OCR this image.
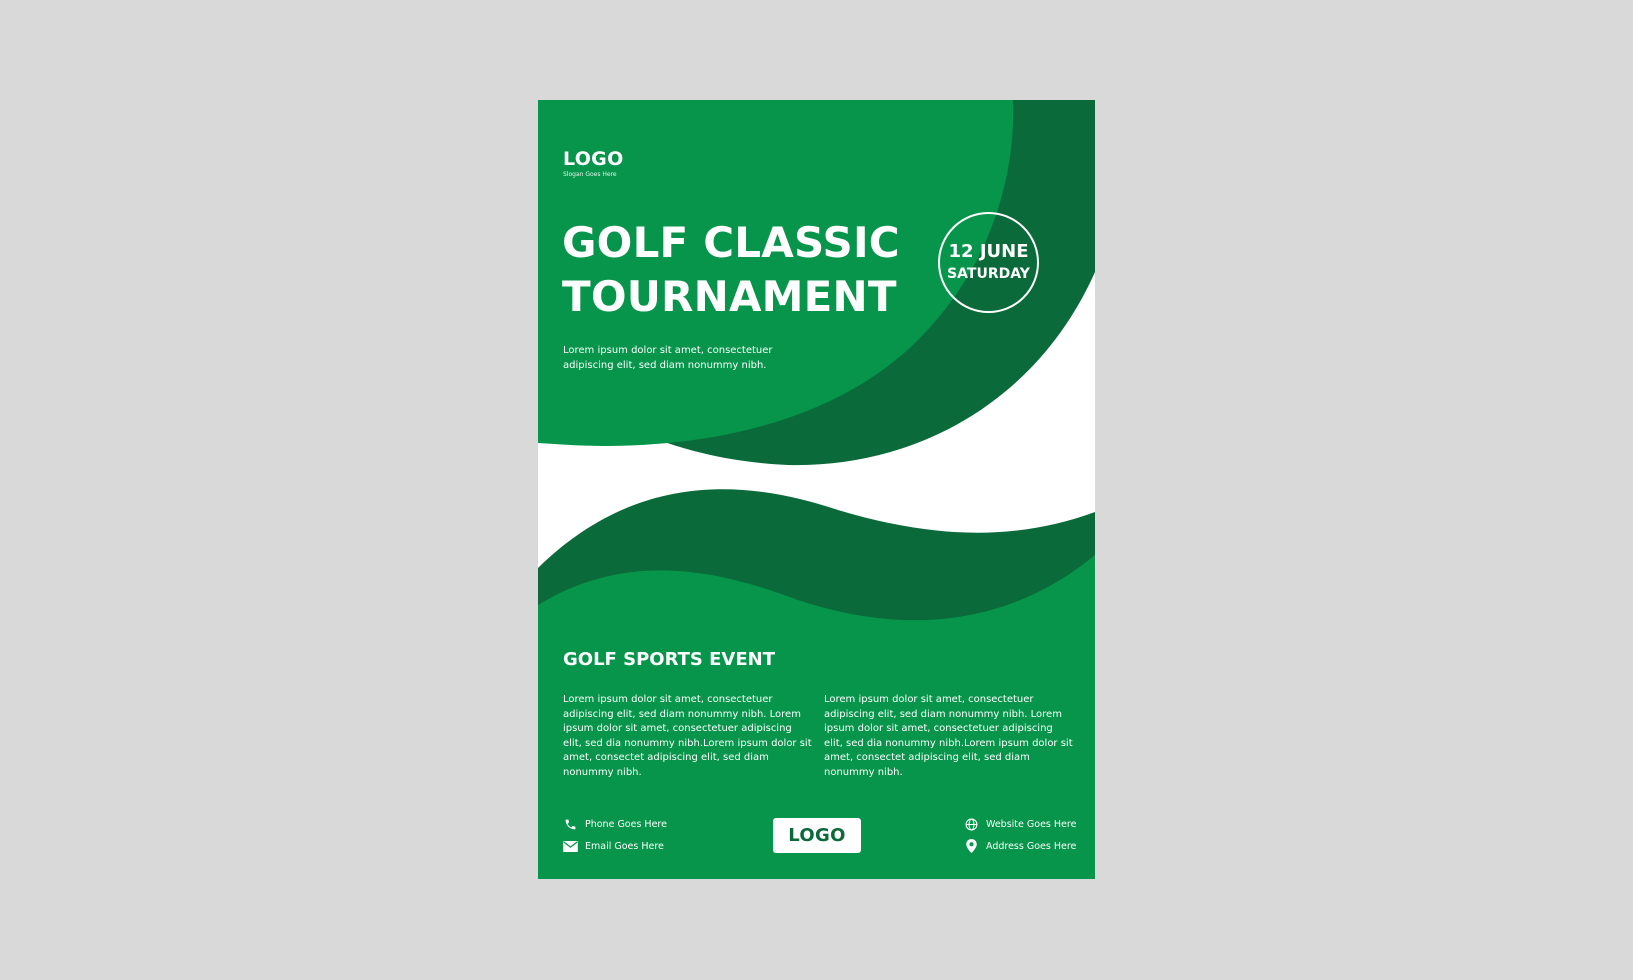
LOGO
Slogan Goes Here
GOLF CLASSIC
TOURNAMENT

Lorem ipsum dolor sit amet, consectetuer adipiscing elit, sed diam nonummy nibh.

12 JUNE
SATURDAY
GOLF SPORTS EVENT

Lorem ipsum dolor sit amet, consectetuer adipiscing elit, sed diam nonummy nibh. Lorem ipsum dolor sit amet, consectetuer adipiscing elit, sed dia nonummy nibh.Lorem ipsum dolor sit amet, consectet adipiscing elit, sed diam nonummy nibh.

Lorem ipsum dolor sit amet, consectetuer adipiscing elit, sed diam nonummy nibh. Lorem ipsum dolor sit amet, consectetuer adipiscing elit, sed dia nonummy nibh.Lorem ipsum dolor sit amet, consectet adipiscing elit, sed diam nonummy nibh.

Phone Goes Here
Email Goes Here	LOGO
Website Goes Here
Address Goes Here
